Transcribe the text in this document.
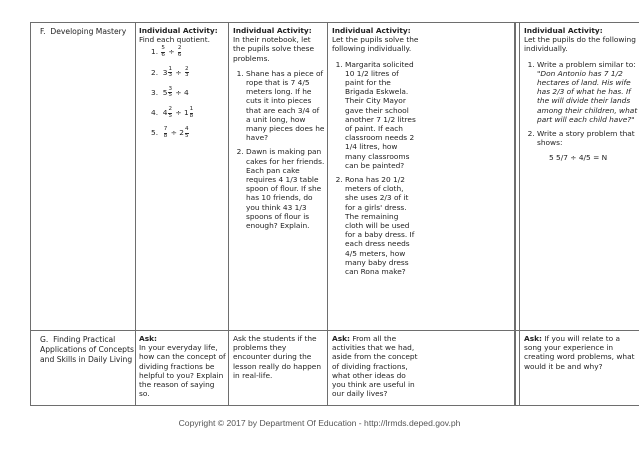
F. Developing Mastery	Individual Activity:
Find each quotient.
1. $\frac{5}{6} \div \frac{2}{6}$
2. $3 \frac{1}{3} \div \frac{2}{3}$
3. $5 \frac{3}{5} \div 4$
4. $4 \frac{2}{5} \div 1 \frac{1}{8}$
5. $\frac{7}{8} \div 2 \frac{4}{5}$
Individual Activity:
In their notebook, let the pupils solve these problems.
1. Shane has a piece of rope that is 7 4/5 meters long. If he cuts it into pieces that are each 3/4 of a unit long, how many pieces does he have?
2. Dawn is making pan cakes for her friends. Each pan cake requires 4 1/3 table spoon of flour. If she has 10 friends, do you think 43 1/3 spoons of flour is enough? Explain.
Individual Activity:
Let the pupils solve the following individually.
1. Margarita solicited 10 1/2 litres of paint for the Brigada Eskwela. Their City Mayor gave their school another 7 1/2 litres of paint. If each classroom needs 2 1/4 litres, how many classrooms can be painted?
2. Rona has 20 1/2 meters of cloth, she uses 2/3 of it for a girls' dress. The remaining cloth will be used for a baby dress. If each dress needs 4/5 meters, how many baby dress can Rona make?
Individual Activity:
Let the pupils do the following individually.
1. Write a problem similar to: "Don Antonio has 7 1/2 hectares of land. His wife has 2/3 of what he has. If the will divide their lands among their children, what part will each child have?"
2. Write a story problem that shows:
5 5/7 ÷ 4/5 = N
G. Finding Practical Applications of Concepts and Skills in Daily Living
Ask:
In your everyday life, how can the concept of dividing fractions be helpful to you? Explain the reason of saying so.
Ask the students if the problems they encounter during the lesson really do happen in real-life.
Ask: From all the activities that we had, aside from the concept of dividing fractions, what other ideas do you think are useful in our daily lives?
Ask: If you will relate to a song your experience in creating word problems, what would it be and why?
Copyright © 2017 by Department Of Education - http://lrmds.deped.gov.ph
